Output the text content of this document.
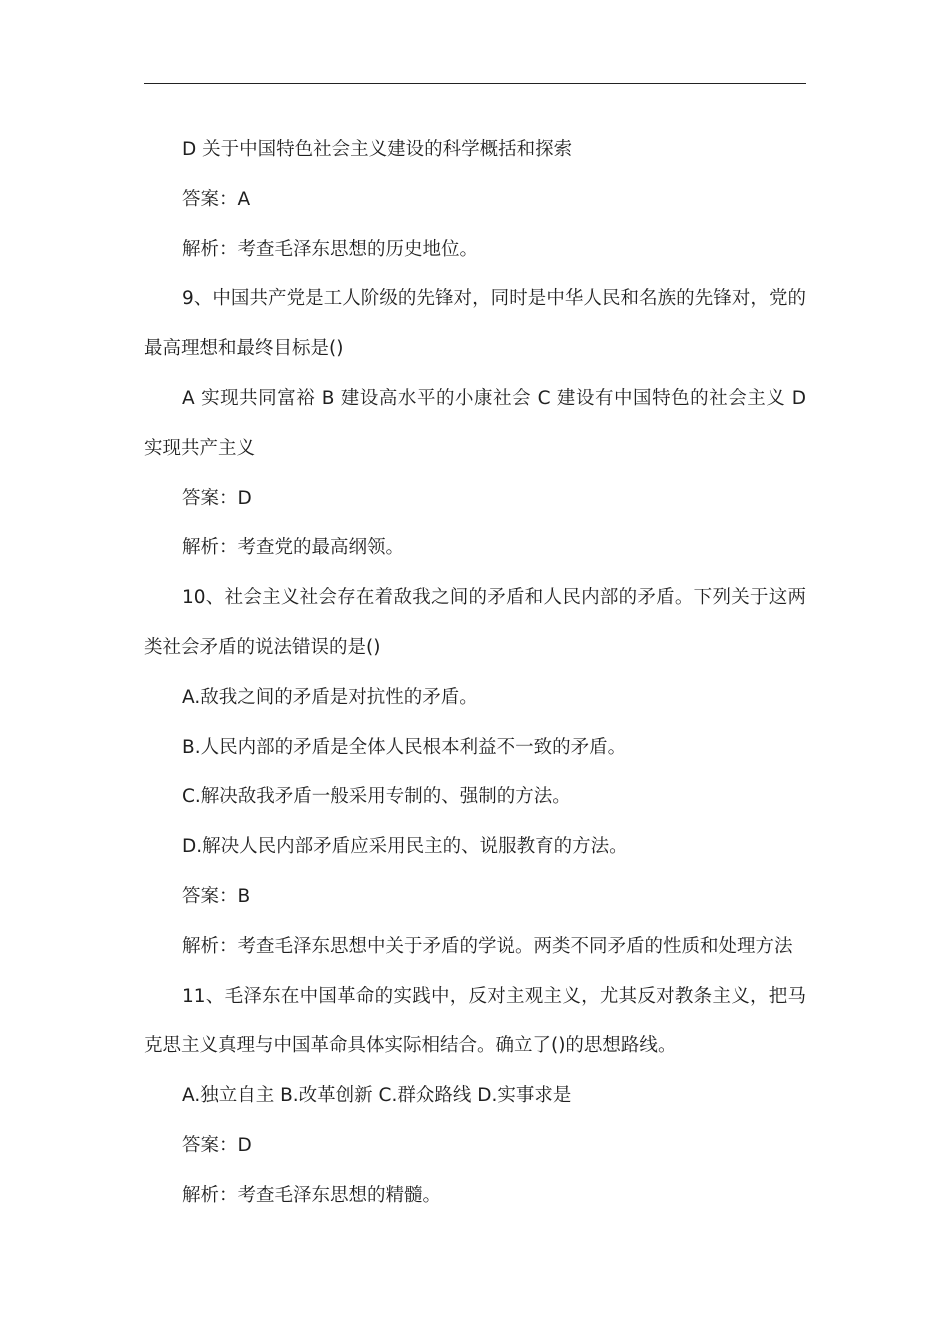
D 关于中国特色社会主义建设的科学概括和探索

答案：A

解析：考查毛泽东思想的历史地位。

9、中国共产党是工人阶级的先锋对，同时是中华人民和名族的先锋对，党的最高理想和最终目标是()

A 实现共同富裕 B 建设高水平的小康社会 C 建设有中国特色的社会主义 D 实现共产主义

答案：D

解析：考查党的最高纲领。

10、社会主义社会存在着敌我之间的矛盾和人民内部的矛盾。下列关于这两类社会矛盾的说法错误的是()

A.敌我之间的矛盾是对抗性的矛盾。

B.人民内部的矛盾是全体人民根本利益不一致的矛盾。

C.解决敌我矛盾一般采用专制的、强制的方法。

D.解决人民内部矛盾应采用民主的、说服教育的方法。

答案：B

解析：考查毛泽东思想中关于矛盾的学说。两类不同矛盾的性质和处理方法

11、毛泽东在中国革命的实践中，反对主观主义，尤其反对教条主义，把马克思主义真理与中国革命具体实际相结合。确立了()的思想路线。

A.独立自主 B.改革创新 C.群众路线 D.实事求是

答案：D

解析：考查毛泽东思想的精髓。
